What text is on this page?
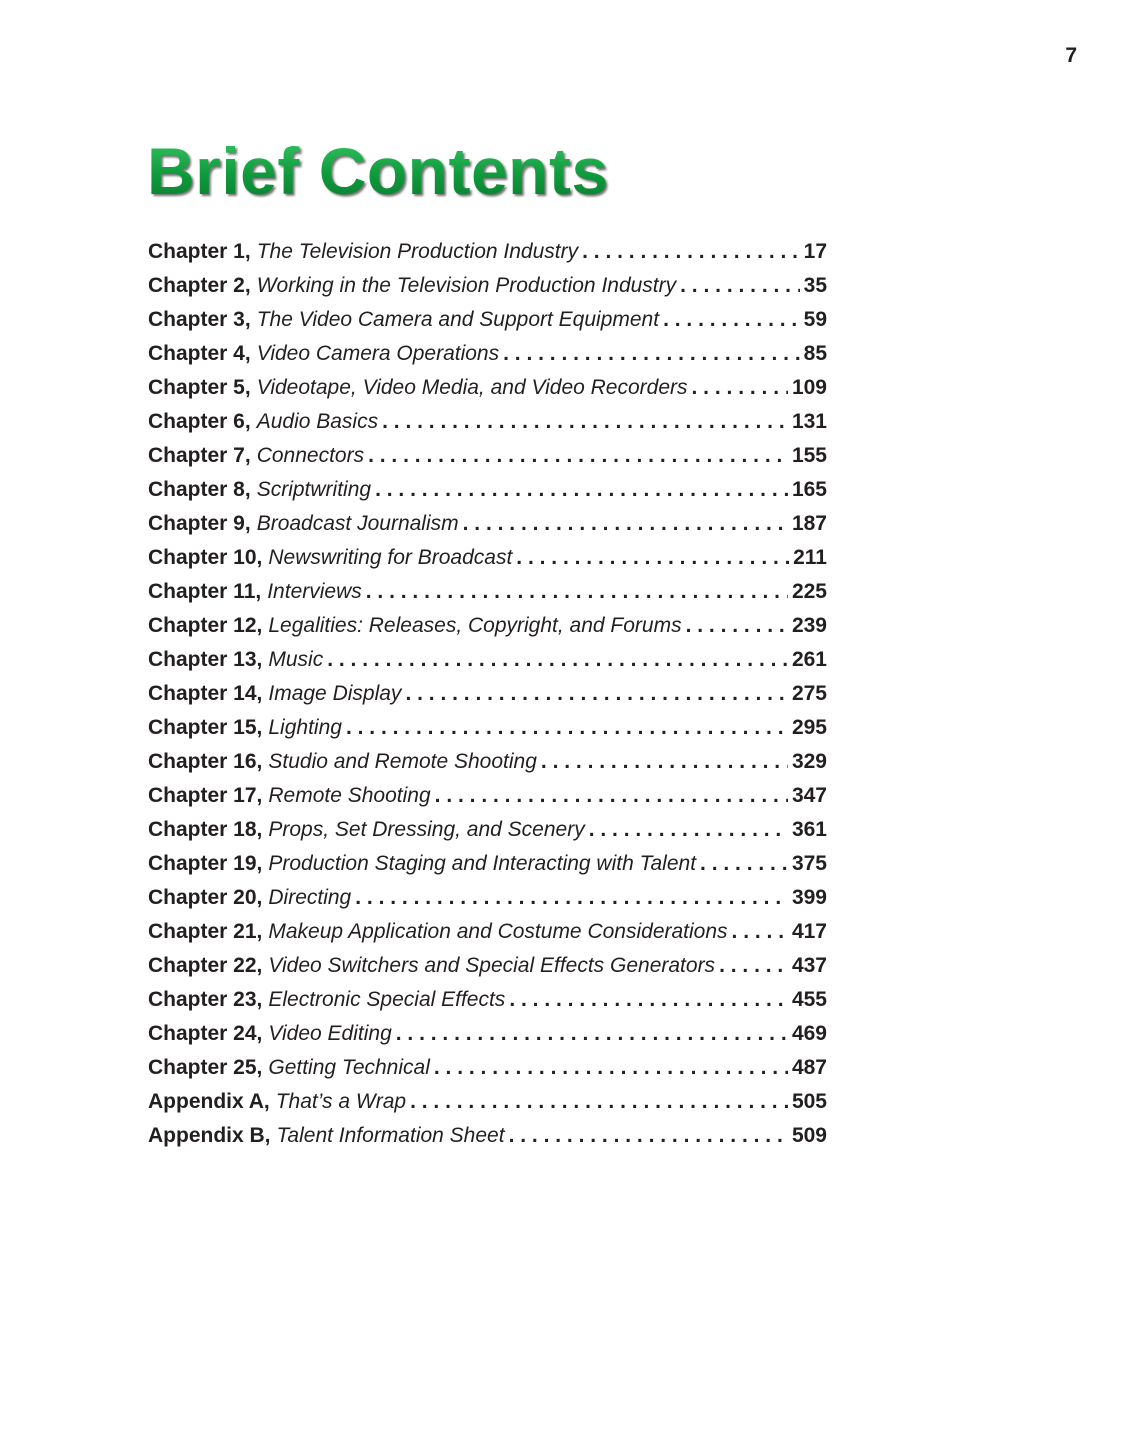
7
Brief Contents
Chapter 1, The Television Production Industry . . .	17
Chapter 2, Working in the Television Production Industry . . .	35
Chapter 3, The Video Camera and Support Equipment . . .	59
Chapter 4, Video Camera Operations . . .	85
Chapter 5, Videotape, Video Media, and Video Recorders . . .	109
Chapter 6, Audio Basics . . .	131
Chapter 7, Connectors . . .	155
Chapter 8, Scriptwriting . . .	165
Chapter 9, Broadcast Journalism . . .	187
Chapter 10, Newswriting for Broadcast . . .	211
Chapter 11, Interviews . . .	225
Chapter 12, Legalities: Releases, Copyright, and Forums . . .	239
Chapter 13, Music . . .	261
Chapter 14, Image Display . . .	275
Chapter 15, Lighting . . .	295
Chapter 16, Studio and Remote Shooting . . .	329
Chapter 17, Remote Shooting . . .	347
Chapter 18, Props, Set Dressing, and Scenery . . .	361
Chapter 19, Production Staging and Interacting with Talent . . .	375
Chapter 20, Directing . . .	399
Chapter 21, Makeup Application and Costume Considerations . . .	417
Chapter 22, Video Switchers and Special Effects Generators . . .	437
Chapter 23, Electronic Special Effects . . .	455
Chapter 24, Video Editing . . .	469
Chapter 25, Getting Technical . . .	487
Appendix A, That’s a Wrap . . .	505
Appendix B, Talent Information Sheet . . .	509
